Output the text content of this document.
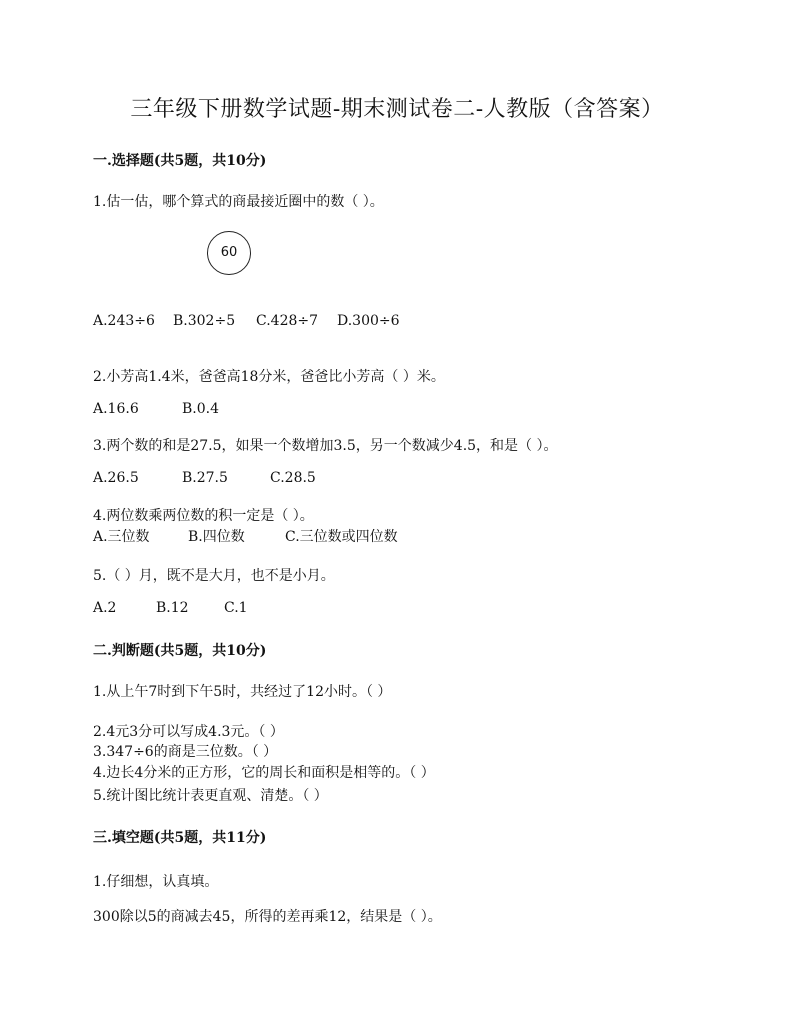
三年级下册数学试题-期末测试卷二-人教版（含答案）
一.选择题(共5题，共10分)
1.估一估，哪个算式的商最接近圈中的数（ ）。
60
A.243÷6 B.302÷5 C.428÷7 D.300÷6
2.小芳高1.4米，爸爸高18分米，爸爸比小芳高（ ）米。
A.16.6	B.0.4
3.两个数的和是27.5，如果一个数增加3.5，另一个数减少4.5，和是（ ）。
A.26.5	B.27.5	C.28.5
4.两位数乘两位数的积一定是（ ）。
A.三位数	B.四位数	C.三位数或四位数
5.（ ）月，既不是大月，也不是小月。
A.2	B.12	C.1
二.判断题(共5题，共10分)
1.从上午7时到下午5时，共经过了12小时。（ ）
2.4元3分可以写成4.3元。（ ）
3.347÷6的商是三位数。（ ）
4.边长4分米的正方形，它的周长和面积是相等的。（ ）
5.统计图比统计表更直观、清楚。（ ）
三.填空题(共5题，共11分)
1.仔细想，认真填。
300除以5的商减去45，所得的差再乘12，结果是（ ）。
